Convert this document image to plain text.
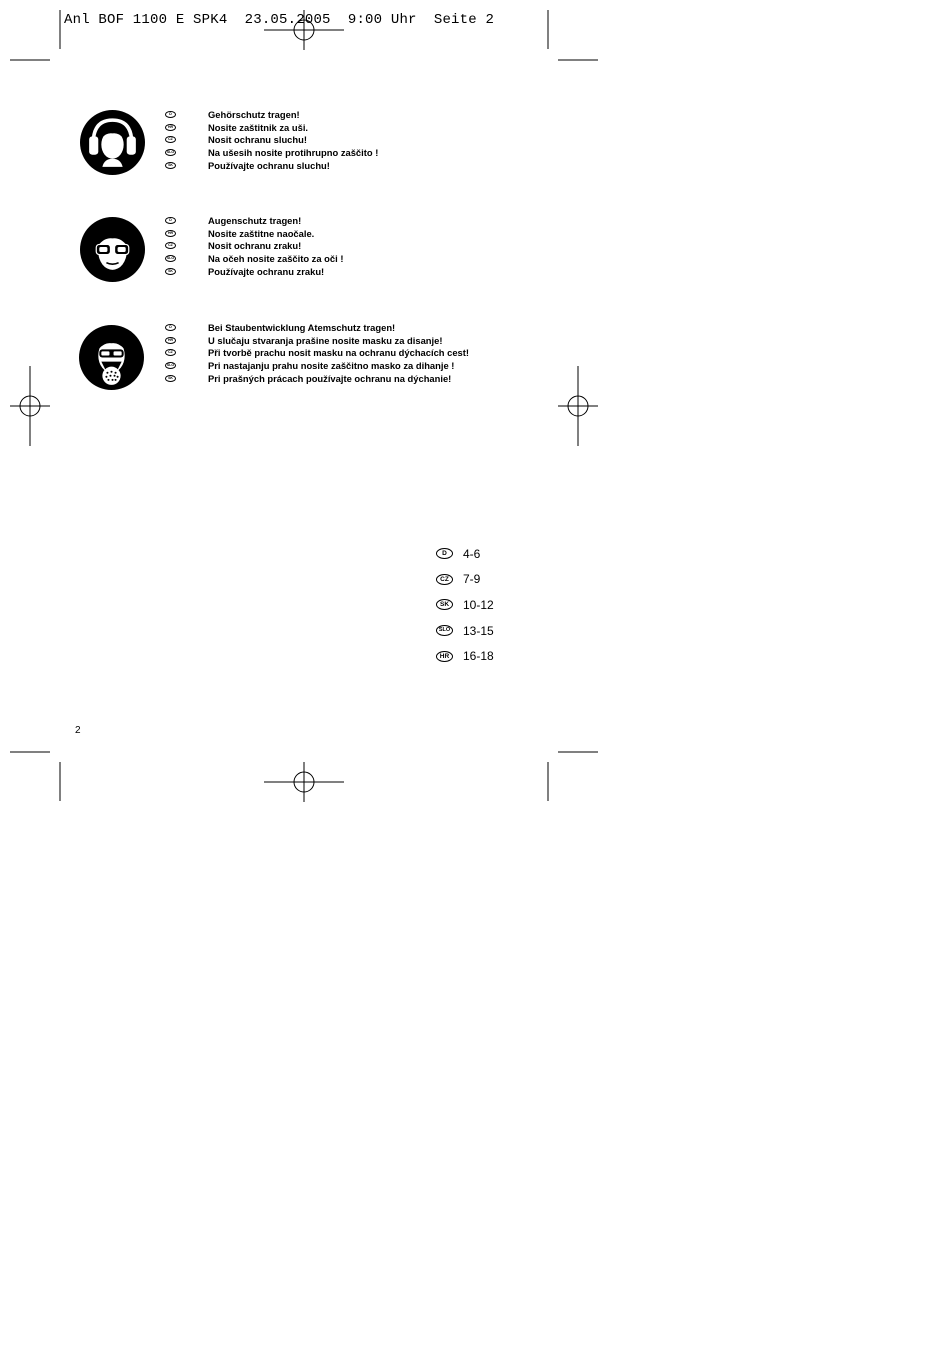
Anl BOF 1100 E SPK4  23.05.2005  9:00 Uhr  Seite 2
D	Gehörschutz tragen!
HR	Nosite zaštitnik za uši.
CZ	Nosit ochranu sluchu!
SLO	Na ušesih nosite protihrupno zaščito !
SK	Používajte ochranu sluchu!
D	Augenschutz tragen!
HR	Nosite zaštitne naočale.
CZ	Nosit ochranu zraku!
SLO	Na očeh nosite zaščito za oči !
SK	Používajte ochranu zraku!
D	Bei Staubentwicklung Atemschutz tragen!
HR	U slučaju stvaranja prašine nosite masku za disanje!
CZ	Při tvorbě prachu nosit masku na ochranu dýchacích cest!
SLO	Pri nastajanju prahu nosite zaščitno masko za dihanje !
SK	Pri prašných prácach používajte ochranu na dýchanie!
D	4-6
CZ	7-9
SK	10-12
SLO 13-15
HR	16-18
2
